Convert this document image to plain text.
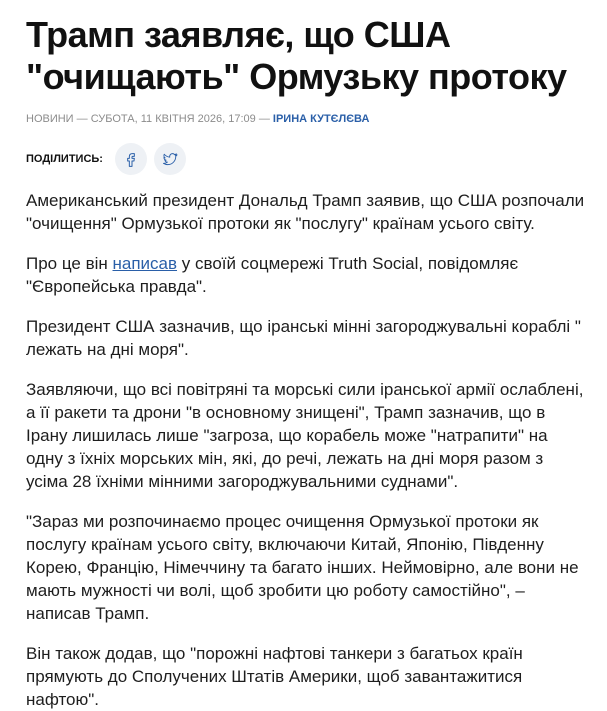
Трамп заявляє, що США
"очищають" Ормузьку протоку
НОВИНИ — СУБОТА, 11 КВІТНЯ 2026, 17:09 — ІРИНА КУТЄЛЄВА
ПОДІЛИТИСЬ:

Американський президент Дональд Трамп заявив, що США розпочали "очищення" Ормузької протоки як "послугу" країнам усього світу.

Про це він написав у своїй соцмережі Truth Social, повідомляє "Європейська правда".

Президент США зазначив, що іранські мінні загороджувальні кораблі " лежать на дні моря".

Заявляючи, що всі повітряні та морські сили іранської армії ослаблені, а її ракети та дрони "в основному знищені", Трамп зазначив, що в Ірану лишилась лише "загроза, що корабель може "натрапити" на одну з їхніх морських мін, які, до речі, лежать на дні моря разом з усіма 28 їхніми мінними загороджувальними суднами".

"Зараз ми розпочинаємо процес очищення Ормузької протоки як послугу країнам усього світу, включаючи Китай, Японію, Південну Корею, Францію, Німеччину та багато інших. Неймовірно, але вони не мають мужності чи волі, щоб зробити цю роботу самостійно", – написав Трамп.

Він також додав, що "порожні нафтові танкери з багатьох країн прямують до Сполучених Штатів Америки, щоб завантажитися нафтою".
